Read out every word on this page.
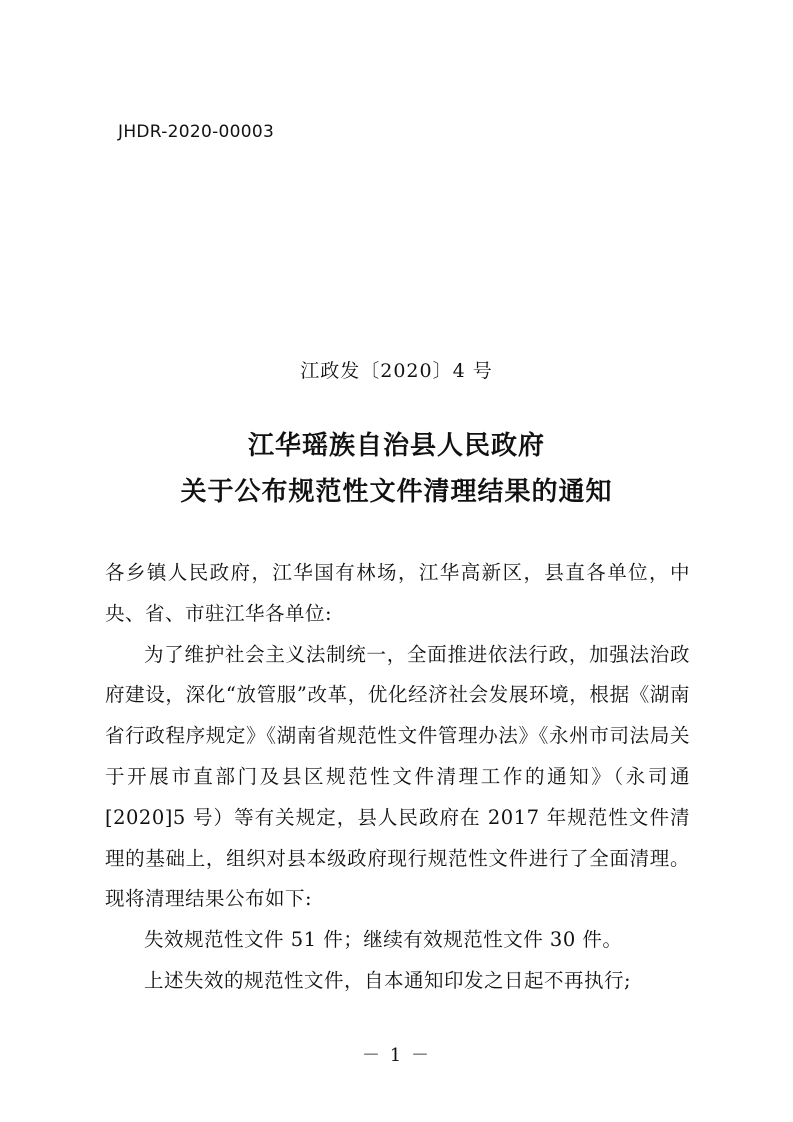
JHDR-2020-00003
江政发〔2020〕4 号
江华瑶族自治县人民政府
关于公布规范性文件清理结果的通知

各乡镇人民政府，江华国有林场，江华高新区，县直各单位，中央、省、市驻江华各单位:

为了维护社会主义法制统一，全面推进依法行政，加强法治政府建设，深化“放管服”改革，优化经济社会发展环境，根据《湖南省行政程序规定》《湖南省规范性文件管理办法》《永州市司法局关于开展市直部门及县区规范性文件清理工作的通知》（永司通[2020]5 号）等有关规定，县人民政府在 2017 年规范性文件清理的基础上，组织对县本级政府现行规范性文件进行了全面清理。现将清理结果公布如下:

失效规范性文件 51 件；继续有效规范性文件 30 件。

上述失效的规范性文件，自本通知印发之日起不再执行;

－ 1 －
